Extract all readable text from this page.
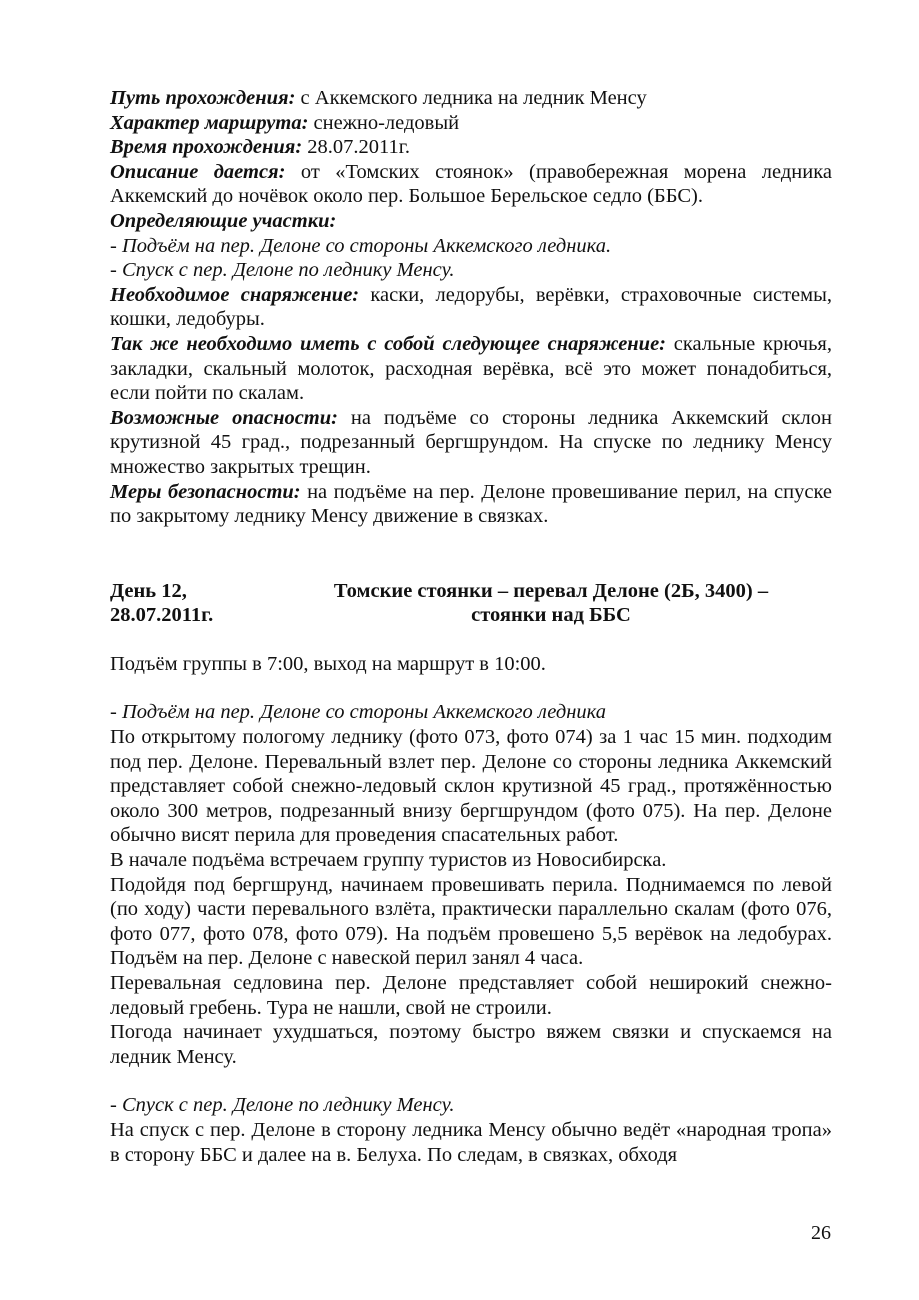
Путь прохождения: с Аккемского ледника на ледник Менсу

Характер маршрута: снежно-ледовый

Время прохождения: 28.07.2011г.

Описание дается: от «Томских стоянок» (правобережная морена ледника Аккемский до ночёвок около пер. Большое Берельское седло (ББС).

Определяющие участки:

- Подъём на пер. Делоне со стороны Аккемского ледника.

- Спуск с пер. Делоне по леднику Менсу.

Необходимое снаряжение: каски, ледорубы, верёвки, страховочные системы, кошки, ледобуры.

Так же необходимо иметь с собой следующее снаряжение: скальные крючья, закладки, скальный молоток, расходная верёвка, всё это может понадобиться, если пойти по скалам.

Возможные опасности: на подъёме со стороны ледника Аккемский склон крутизной 45 град., подрезанный бергшрундом. На спуске по леднику Менсу множество закрытых трещин.

Меры безопасности: на подъёме на пер. Делоне провешивание перил, на спуске по закрытому леднику Менсу движение в связках.

День 12,
28.07.2011г.
Томские стоянки – перевал Делоне (2Б, 3400) –
стоянки над ББС

Подъём группы в 7:00, выход на маршрут в 10:00.

- Подъём на пер. Делоне со стороны Аккемского ледника

По открытому пологому леднику (фото 073, фото 074) за 1 час 15 мин. подходим под пер. Делоне. Перевальный взлет пер. Делоне со стороны ледника Аккемский представляет собой снежно-ледовый склон крутизной 45 град., протяжённостью около 300 метров, подрезанный внизу бергшрундом (фото 075). На пер. Делоне обычно висят перила для проведения спасательных работ.

В начале подъёма встречаем группу туристов из Новосибирска.

Подойдя под бергшрунд, начинаем провешивать перила. Поднимаемся по левой (по ходу) части перевального взлёта, практически параллельно скалам (фото 076, фото 077, фото 078, фото 079). На подъём провешено 5,5 верёвок на ледобурах. Подъём на пер. Делоне с навеской перил занял 4 часа.

Перевальная седловина пер. Делоне представляет собой неширокий снежно-ледовый гребень. Тура не нашли, свой не строили.

Погода начинает ухудшаться, поэтому быстро вяжем связки и спускаемся на ледник Менсу.

- Спуск с пер. Делоне по леднику Менсу.

На спуск с пер. Делоне в сторону ледника Менсу обычно ведёт «народная тропа» в сторону ББС и далее на в. Белуха. По следам, в связках, обходя

26
